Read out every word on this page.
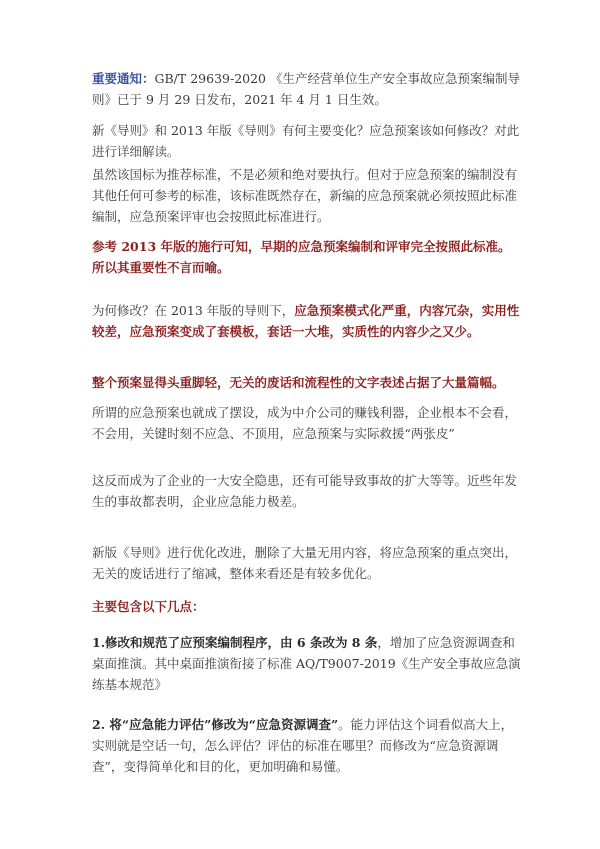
重要通知：GB/T 29639-2020 《生产经营单位生产安全事故应急预案编制导则》已于 9 月 29 日发布，2021 年 4 月 1 日生效。

新《导则》和 2013 年版《导则》有何主要变化？应急预案该如何修改？对此进行详细解读。

虽然该国标为推荐标准，不是必须和绝对要执行。但对于应急预案的编制没有其他任何可参考的标准，该标准既然存在，新编的应急预案就必须按照此标准编制，应急预案评审也会按照此标准进行。

参考 2013 年版的施行可知，早期的应急预案编制和评审完全按照此标准。所以其重要性不言而喻。

为何修改？在 2013 年版的导则下，应急预案模式化严重，内容冗杂，实用性较差，应急预案变成了套模板，套话一大堆，实质性的内容少之又少。

整个预案显得头重脚轻，无关的废话和流程性的文字表述占据了大量篇幅。

所谓的应急预案也就成了摆设，成为中介公司的赚钱利器，企业根本不会看，不会用，关键时刻不应急、不顶用，应急预案与实际救援“两张皮”

这反而成为了企业的一大安全隐患，还有可能导致事故的扩大等等。近些年发生的事故都表明，企业应急能力极差。

新版《导则》进行优化改进，删除了大量无用内容，将应急预案的重点突出，无关的废话进行了缩减，整体来看还是有较多优化。

主要包含以下几点：

1.修改和规范了应预案编制程序，由 6 条改为 8 条，增加了应急资源调查和桌面推演。其中桌面推演衔接了标准 AQ/T9007-2019《生产安全事故应急演练基本规范》

2. 将“应急能力评估”修改为“应急资源调查”。能力评估这个词看似高大上，实则就是空话一句，怎么评估？评估的标准在哪里？而修改为“应急资源调查”，变得简单化和目的化，更加明确和易懂。
